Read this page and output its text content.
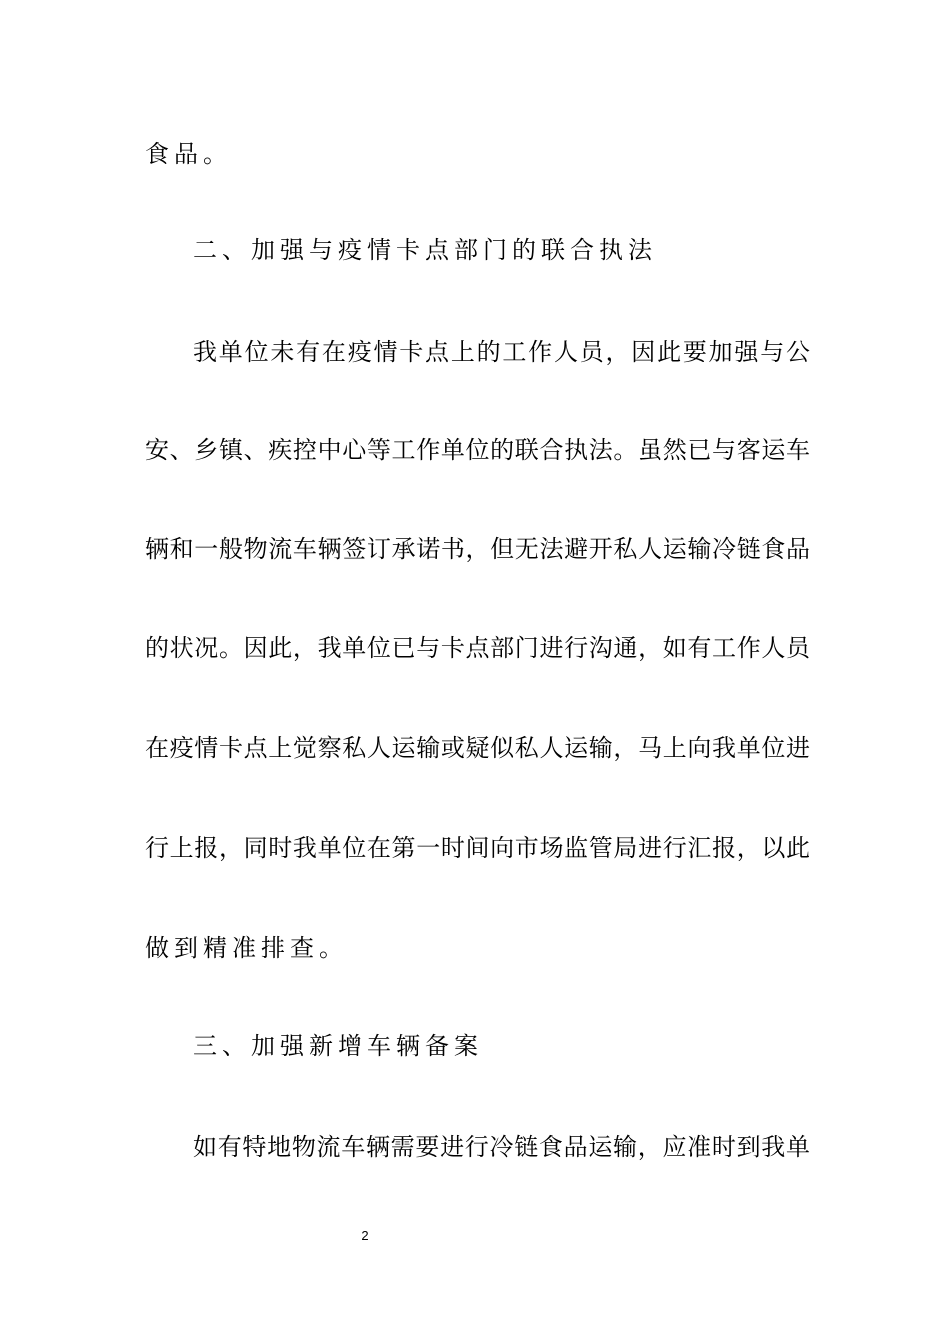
食品。
二、加强与疫情卡点部门的联合执法
我单位未有在疫情卡点上的工作人员，因此要加强与公
安、乡镇、疾控中心等工作单位的联合执法。虽然已与客运车
辆和一般物流车辆签订承诺书，但无法避开私人运输冷链食品
的状况。因此，我单位已与卡点部门进行沟通，如有工作人员
在疫情卡点上觉察私人运输或疑似私人运输，马上向我单位进
行上报，同时我单位在第一时间向市场监管局进行汇报，以此
做到精准排查。
三、加强新增车辆备案
如有特地物流车辆需要进行冷链食品运输，应准时到我单
2
